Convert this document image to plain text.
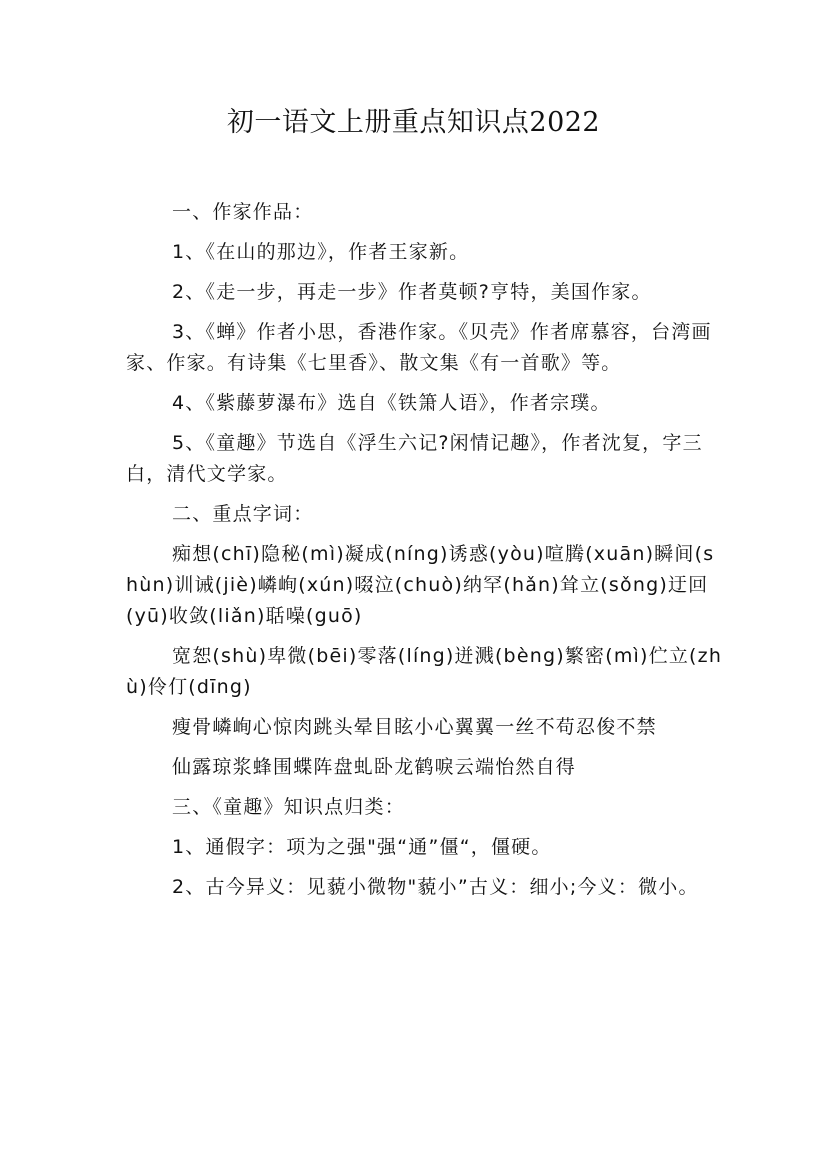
初一语文上册重点知识点2022

一、作家作品：

1、《在山的那边》，作者王家新。

2、《走一步，再走一步》作者莫顿?亨特，美国作家。

3、《蝉》作者小思，香港作家。《贝壳》作者席慕容，台湾画家、作家。有诗集《七里香》、散文集《有一首歌》等。

4、《紫藤萝瀑布》选自《铁箫人语》，作者宗璞。

5、《童趣》节选自《浮生六记?闲情记趣》，作者沈复，字三白，清代文学家。

二、重点字词：

痴想(chī)隐秘(mì)凝成(níng)诱惑(yòu)喧腾(xuān)瞬间(shùn)训诫(jiè)嶙峋(xún)啜泣(chuò)纳罕(hǎn)耸立(sǒng)迂回(yū)收敛(liǎn)聒噪(guō)

宽恕(shù)卑微(bēi)零落(líng)迸溅(bèng)繁密(mì)伫立(zhù)伶仃(dīng)

瘦骨嶙峋心惊肉跳头晕目眩小心翼翼一丝不苟忍俊不禁

仙露琼浆蜂围蝶阵盘虬卧龙鹤唳云端怡然自得

三、《童趣》知识点归类：

1、通假字：项为之强"强“通”僵“，僵硬。

2、古今异义：见藐小微物"藐小”古义：细小;今义：微小。
